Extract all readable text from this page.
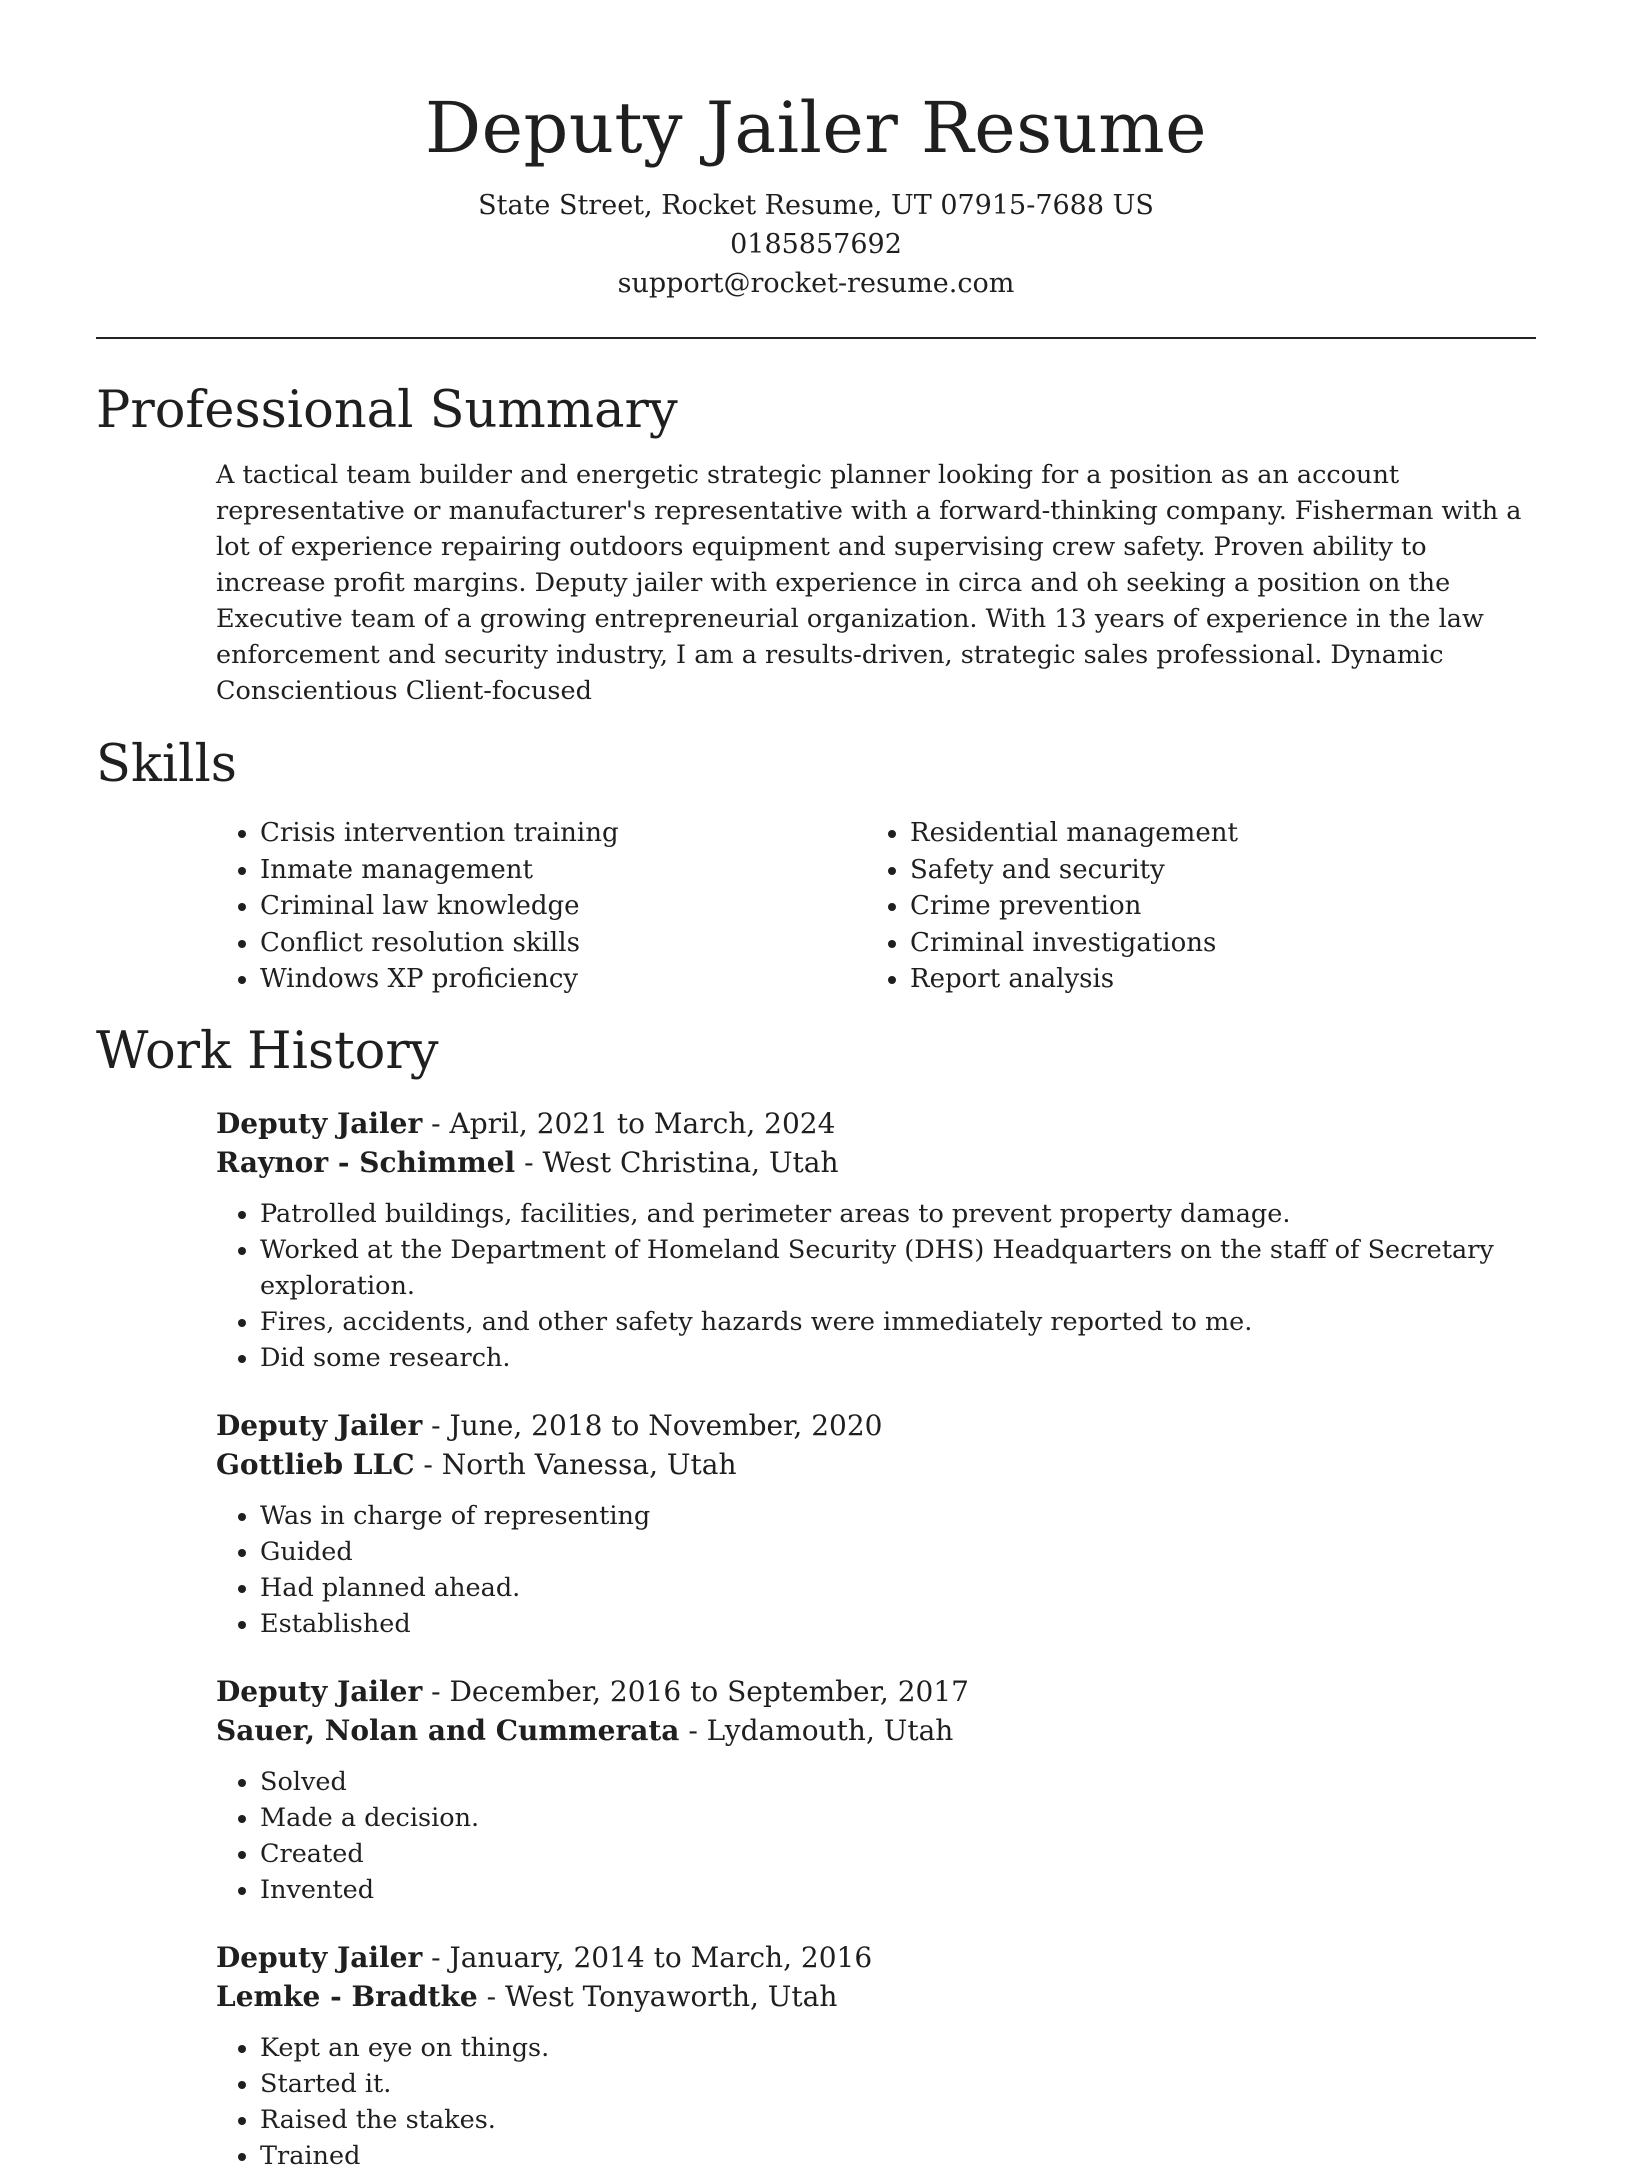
Deputy Jailer Resume
State Street, Rocket Resume, UT 07915-7688 US
0185857692
support@rocket-resume.com
Professional Summary
A tactical team builder and energetic strategic planner looking for a position as an account representative or manufacturer's representative with a forward-thinking company. Fisherman with a lot of experience repairing outdoors equipment and supervising crew safety. Proven ability to increase profit margins. Deputy jailer with experience in circa and oh seeking a position on the Executive team of a growing entrepreneurial organization. With 13 years of experience in the law enforcement and security industry, I am a results-driven, strategic sales professional. Dynamic Conscientious Client-focused
Skills
• Crisis intervention training
• Inmate management
• Criminal law knowledge
• Conflict resolution skills
• Windows XP proficiency
• Residential management
• Safety and security
• Crime prevention
• Criminal investigations
• Report analysis
Work History
Deputy Jailer - April, 2021 to March, 2024
Raynor - Schimmel - West Christina, Utah
• Patrolled buildings, facilities, and perimeter areas to prevent property damage.
• Worked at the Department of Homeland Security (DHS) Headquarters on the staff of Secretary exploration.
• Fires, accidents, and other safety hazards were immediately reported to me.
• Did some research.
Deputy Jailer - June, 2018 to November, 2020
Gottlieb LLC - North Vanessa, Utah
• Was in charge of representing
• Guided
• Had planned ahead.
• Established
Deputy Jailer - December, 2016 to September, 2017
Sauer, Nolan and Cummerata - Lydamouth, Utah
• Solved
• Made a decision.
• Created
• Invented
Deputy Jailer - January, 2014 to March, 2016
Lemke - Bradtke - West Tonyaworth, Utah
• Kept an eye on things.
• Started it.
• Raised the stakes.
• Trained
